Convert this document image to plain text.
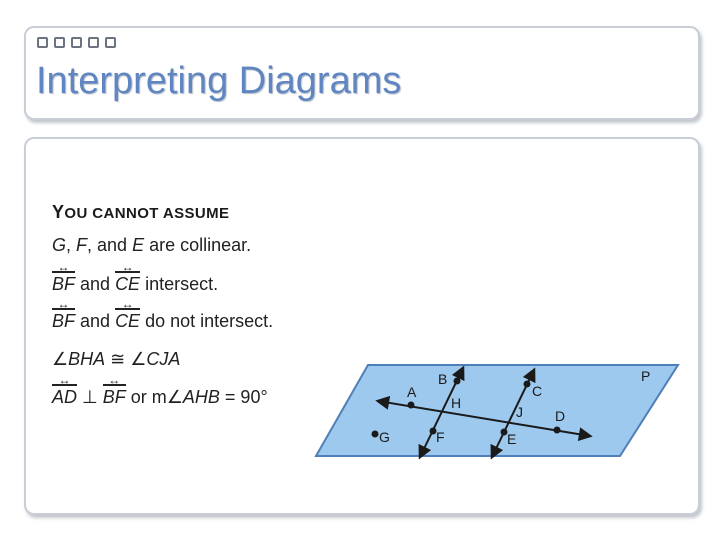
Interpreting Diagrams
YOU CANNOT ASSUME
G, F, and E are collinear.
BF ↔ and CE ↔ intersect.
BF ↔ and CE ↔ do not intersect.
∠BHA ≅ ∠CJA
AD ↔ ⊥ BF ↔ or m∠AHB = 90°	A
B
C
D
E
F
G
H
J
P
